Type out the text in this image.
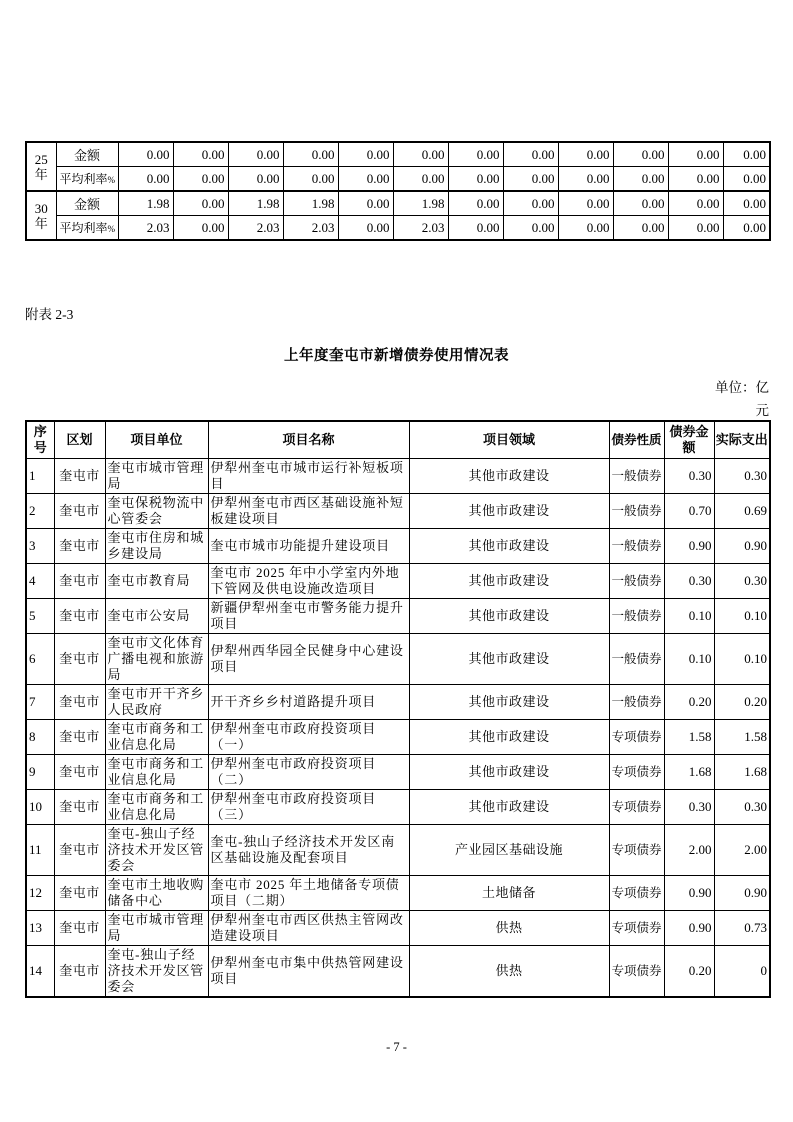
25
年	金额	0.00	0.00	0.00	0.00	0.00	0.00	0.00	0.00	0.00	0.00	0.00	0.00
	平均利率%	0.00	0.00	0.00	0.00	0.00	0.00	0.00	0.00	0.00	0.00	0.00	0.00

30
年	金额	1.98	0.00	1.98	1.98	0.00	1.98	0.00	0.00	0.00	0.00	0.00	0.00
	平均利率%	2.03	0.00	2.03	2.03	0.00	2.03	0.00	0.00	0.00	0.00	0.00	0.00
附表 2-3
上年度奎屯市新增债券使用情况表
单位：亿
元
序号	区划	项目单位	项目名称	项目领域	债券性质	债券金额	实际支出
1	奎屯市	奎屯市城市管理局	伊犁州奎屯市城市运行补短板项目	其他市政建设	一般债券	0.30	0.30
2	奎屯市	奎屯保税物流中心管委会	伊犁州奎屯市西区基础设施补短板建设项目	其他市政建设	一般债券	0.70	0.69
3	奎屯市	奎屯市住房和城乡建设局	奎屯市城市功能提升建设项目	其他市政建设	一般债券	0.90	0.90
4	奎屯市	奎屯市教育局	奎屯市 2025 年中小学室内外地下管网及供电设施改造项目	其他市政建设	一般债券	0.30	0.30
5	奎屯市	奎屯市公安局	新疆伊犁州奎屯市警务能力提升项目	其他市政建设	一般债券	0.10	0.10
6	奎屯市	奎屯市文化体育广播电视和旅游局	伊犁州西华园全民健身中心建设项目	其他市政建设	一般债券	0.10	0.10
7	奎屯市	奎屯市开干齐乡人民政府	开干齐乡乡村道路提升项目	其他市政建设	一般债券	0.20	0.20
8	奎屯市	奎屯市商务和工业信息化局	伊犁州奎屯市政府投资项目（一）	其他市政建设	专项债券	1.58	1.58
9	奎屯市	奎屯市商务和工业信息化局	伊犁州奎屯市政府投资项目（二）	其他市政建设	专项债券	1.68	1.68
10	奎屯市	奎屯市商务和工业信息化局	伊犁州奎屯市政府投资项目（三）	其他市政建设	专项债券	0.30	0.30
11	奎屯市	奎屯-独山子经济技术开发区管委会	奎屯-独山子经济技术开发区南区基础设施及配套项目	产业园区基础设施	专项债券	2.00	2.00
12	奎屯市	奎屯市土地收购储备中心	奎屯市 2025 年土地储备专项债项目（二期）	土地储备	专项债券	0.90	0.90
13	奎屯市	奎屯市城市管理局	伊犁州奎屯市西区供热主管网改造建设项目	供热	专项债券	0.90	0.73
14	奎屯市	奎屯-独山子经济技术开发区管委会	伊犁州奎屯市集中供热管网建设项目	供热	专项债券	0.20	0
- 7 -
